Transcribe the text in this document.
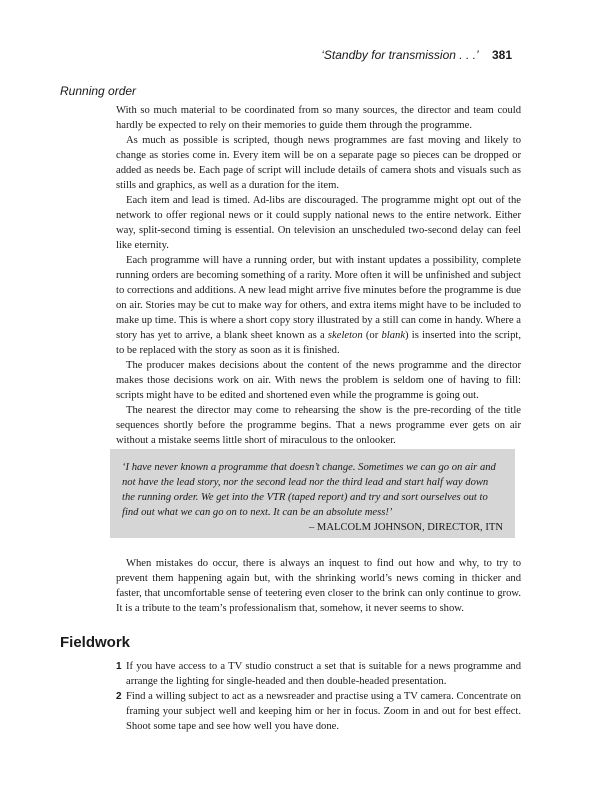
‘Standby for transmission . . .’ 381
Running order

With so much material to be coordinated from so many sources, the director and team could hardly be expected to rely on their memories to guide them through the programme.

As much as possible is scripted, though news programmes are fast moving and likely to change as stories come in. Every item will be on a separate page so pieces can be dropped or added as needs be. Each page of script will include details of camera shots and visuals such as stills and graphics, as well as a duration for the item.

Each item and lead is timed. Ad-libs are discouraged. The programme might opt out of the network to offer regional news or it could supply national news to the entire network. Either way, split-second timing is essential. On television an unscheduled two-second delay can feel like eternity.

Each programme will have a running order, but with instant updates a possibility, complete running orders are becoming something of a rarity. More often it will be unfinished and subject to corrections and additions. A new lead might arrive five minutes before the programme is due on air. Stories may be cut to make way for others, and extra items might have to be included to make up time. This is where a short copy story illustrated by a still can come in handy. Where a story has yet to arrive, a blank sheet known as a skeleton (or blank) is inserted into the script, to be replaced with the story as soon as it is finished.

The producer makes decisions about the content of the news programme and the director makes those decisions work on air. With news the problem is seldom one of having to fill: scripts might have to be edited and shortened even while the programme is going out.

The nearest the director may come to rehearsing the show is the pre-recording of the title sequences shortly before the programme begins. That a news programme ever gets on air without a mistake seems little short of miraculous to the onlooker.

‘I have never known a programme that doesn’t change. Sometimes we can go on air and not have the lead story, nor the second lead nor the third lead and start half way down the running order. We get into the VTR (taped report) and try and sort ourselves out to find out what we can go on to next. It can be an absolute mess!’

– MALCOLM JOHNSON, DIRECTOR, ITN

When mistakes do occur, there is always an inquest to find out how and why, to try to prevent them happening again but, with the shrinking world’s news coming in thicker and faster, that uncomfortable sense of teetering even closer to the brink can only continue to grow. It is a tribute to the team’s professionalism that, somehow, it never seems to show.

Fieldwork
1 If you have access to a TV studio construct a set that is suitable for a news programme and arrange the lighting for single-headed and then double-headed presentation.
2 Find a willing subject to act as a newsreader and practise using a TV camera. Concentrate on framing your subject well and keeping him or her in focus. Zoom in and out for best effect. Shoot some tape and see how well you have done.
